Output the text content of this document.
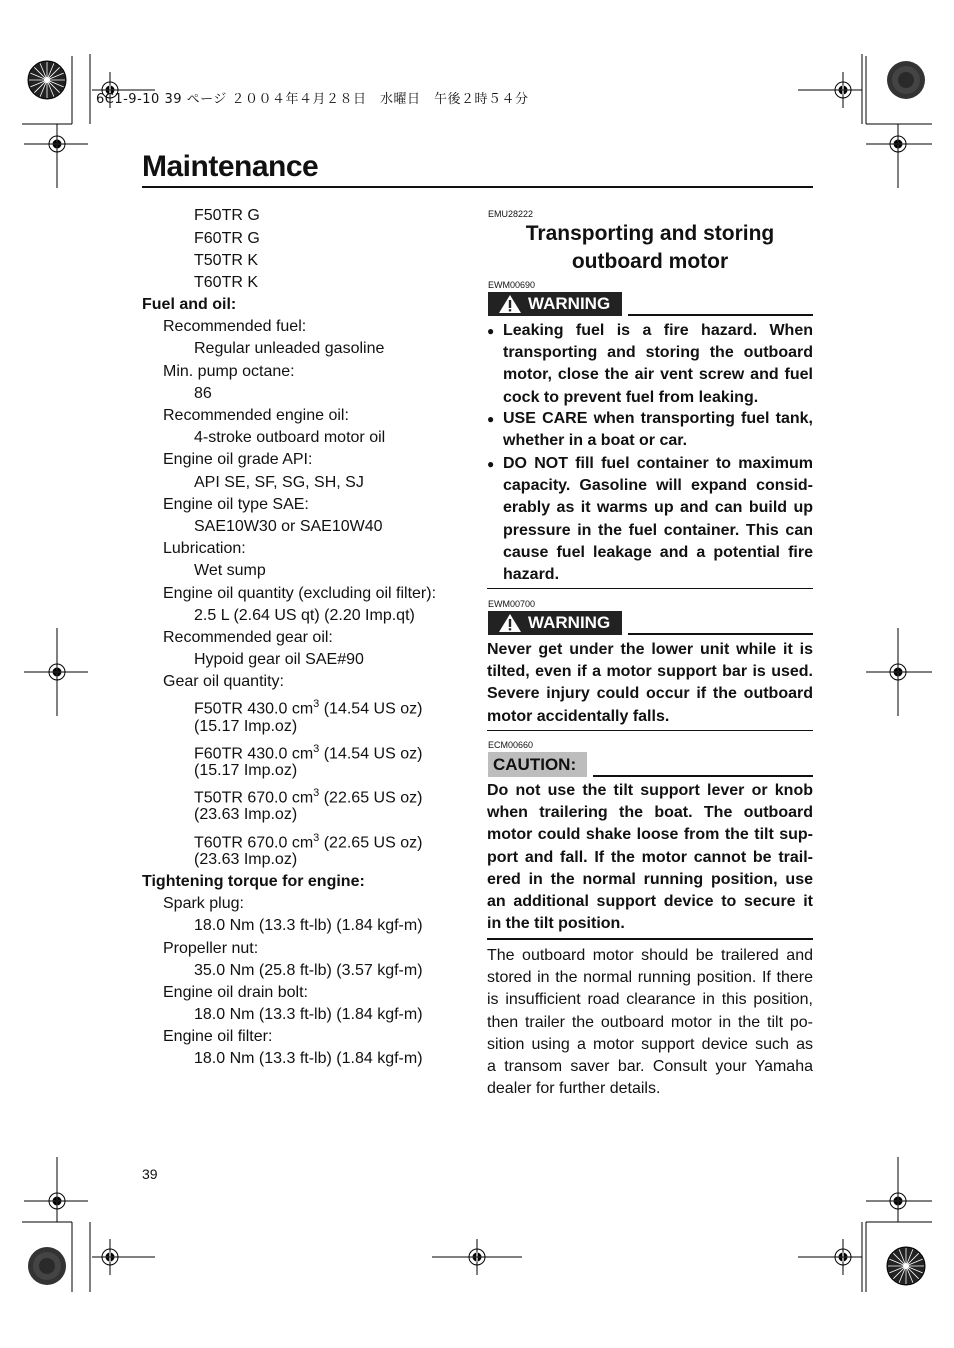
6C1-9-10 39 ページ ２００４年４月２８日　水曜日　午後２時５４分
Maintenance
F50TR G
F60TR G
T50TR K
T60TR K
Fuel and oil:
Recommended fuel:
Regular unleaded gasoline
Min. pump octane:
86
Recommended engine oil:
4-stroke outboard motor oil
Engine oil grade API:
API SE, SF, SG, SH, SJ
Engine oil type SAE:
SAE10W30 or SAE10W40
Lubrication:
Wet sump
Engine oil quantity (excluding oil filter):
2.5 L (2.64 US qt) (2.20 Imp.qt)
Recommended gear oil:
Hypoid gear oil SAE#90
Gear oil quantity:
F50TR 430.0 $cm^3$ (14.54 US oz)
(15.17 Imp.oz)
F60TR 430.0 $cm^3$ (14.54 US oz)
(15.17 Imp.oz)
T50TR 670.0 $cm^3$ (22.65 US oz)
(23.63 Imp.oz)
T60TR 670.0 $cm^3$ (22.65 US oz)
(23.63 Imp.oz)
Tightening torque for engine:
Spark plug:
18.0 Nm (13.3 ft-lb) (1.84 kgf-m)
Propeller nut:
35.0 Nm (25.8 ft-lb) (3.57 kgf-m)
Engine oil drain bolt:
18.0 Nm (13.3 ft-lb) (1.84 kgf-m)
Engine oil filter:
18.0 Nm (13.3 ft-lb) (1.84 kgf-m)
EMU28222
Transporting and storing
outboard motor
EWM00690
WARNING
● Leaking fuel is a fire hazard. When
transporting and storing the outboard
motor, close the air vent screw and fuel
cock to prevent fuel from leaking.
● USE CARE when transporting fuel tank,
whether in a boat or car.
● DO NOT fill fuel container to maximum
capacity. Gasoline will expand consid-
erably as it warms up and can build up
pressure in the fuel container. This can
cause fuel leakage and a potential fire
hazard.
EWM00700
WARNING
Never get under the lower unit while it is
tilted, even if a motor support bar is used.
Severe injury could occur if the outboard
motor accidentally falls.
ECM00660
CAUTION:
Do not use the tilt support lever or knob
when trailering the boat. The outboard
motor could shake loose from the tilt sup-
port and fall. If the motor cannot be trail-
ered in the normal running position, use
an additional support device to secure it
in the tilt position.
The outboard motor should be trailered and
stored in the normal running position. If there
is insufficient road clearance in this position,
then trailer the outboard motor in the tilt po-
sition using a motor support device such as
a transom saver bar. Consult your Yamaha
dealer for further details.
39
